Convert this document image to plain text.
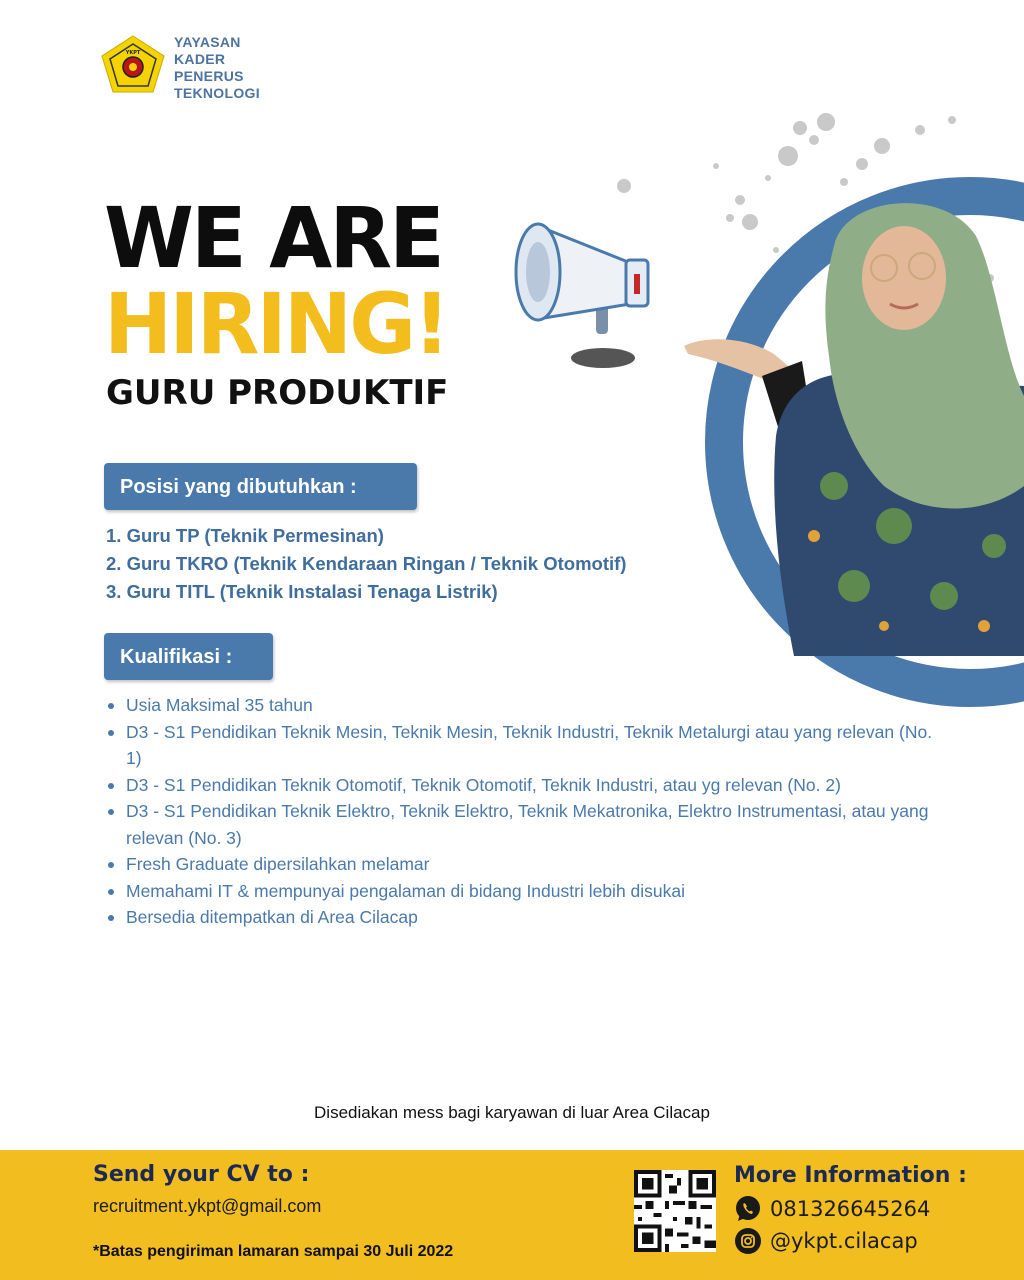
YKPT
YAYASAN
KADER
PENERUS
TEKNOLOGI
WE ARE
HIRING!
GURU PRODUKTIF
Posisi yang dibutuhkan :
1. Guru TP (Teknik Permesinan)
2. Guru TKRO (Teknik Kendaraan Ringan / Teknik Otomotif)
3. Guru TITL (Teknik Instalasi Tenaga Listrik)
Kualifikasi :
Usia Maksimal 35 tahun
D3 - S1 Pendidikan Teknik Mesin, Teknik Mesin, Teknik Industri, Teknik Metalurgi atau yang relevan (No. 1)
D3 - S1 Pendidikan Teknik Otomotif, Teknik Otomotif, Teknik Industri, atau yg relevan (No. 2)
D3 - S1 Pendidikan Teknik Elektro, Teknik Elektro, Teknik Mekatronika, Elektro Instrumentasi, atau yang relevan (No. 3)
Fresh Graduate dipersilahkan melamar
Memahami IT & mempunyai pengalaman di bidang Industri lebih disukai
Bersedia ditempatkan di Area Cilacap
Disediakan mess bagi karyawan di luar Area Cilacap
Send your CV to :
recruitment.ykpt@gmail.com
*Batas pengiriman lamaran sampai 30 Juli 2022
More Information :
081326645264
@ykpt.cilacap
